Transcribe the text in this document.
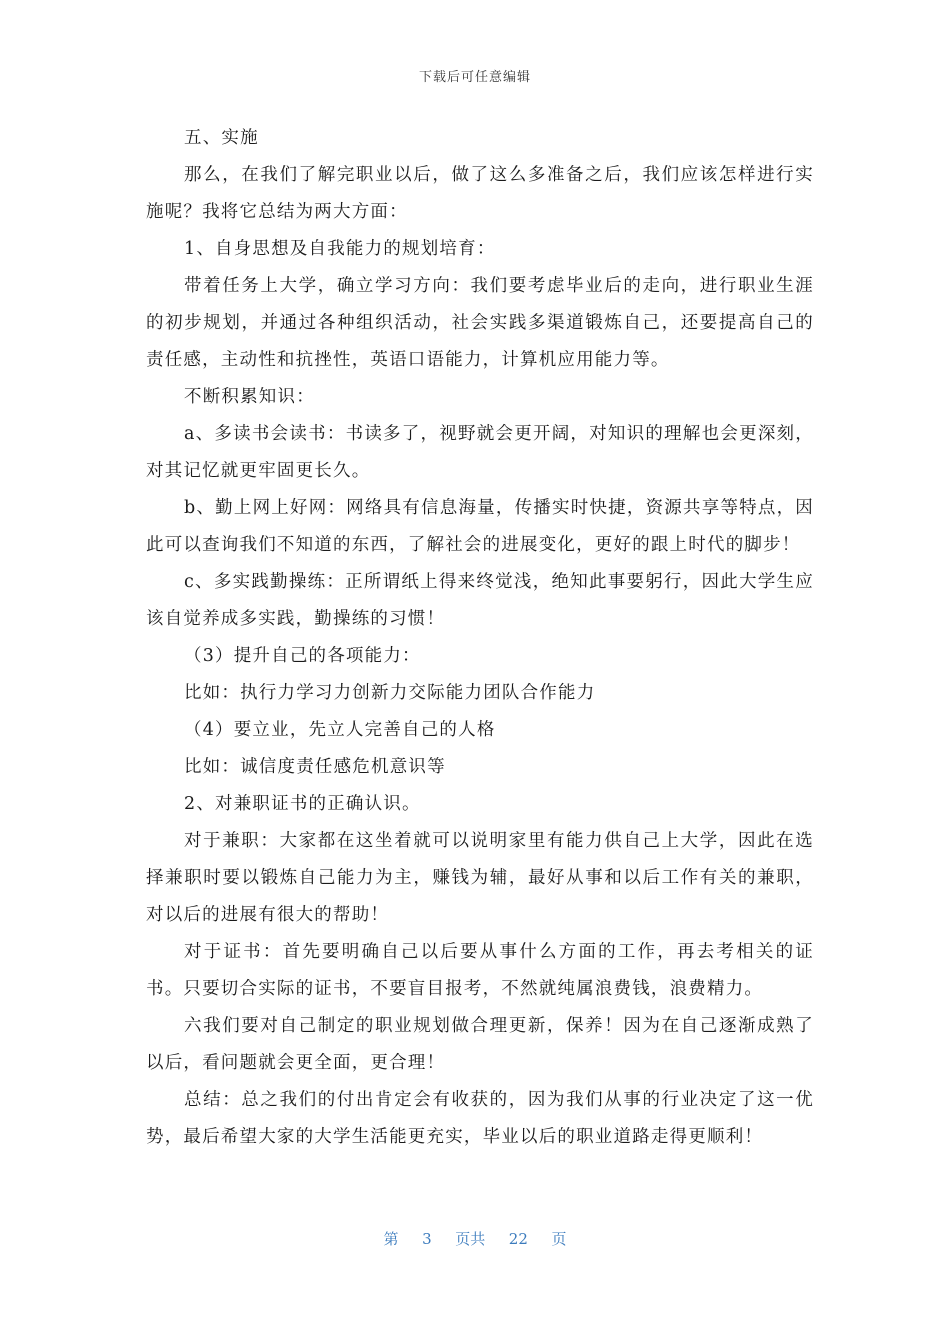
下载后可任意编辑

五、实施

那么，在我们了解完职业以后，做了这么多准备之后，我们应该怎样进行实施呢？我将它总结为两大方面：

1、自身思想及自我能力的规划培育：

带着任务上大学，确立学习方向：我们要考虑毕业后的走向，进行职业生涯的初步规划，并通过各种组织活动，社会实践多渠道锻炼自己，还要提高自己的责任感，主动性和抗挫性，英语口语能力，计算机应用能力等。

不断积累知识：

a、多读书会读书：书读多了，视野就会更开阔，对知识的理解也会更深刻，对其记忆就更牢固更长久。

b、勤上网上好网：网络具有信息海量，传播实时快捷，资源共享等特点，因此可以查询我们不知道的东西，了解社会的进展变化，更好的跟上时代的脚步！

c、多实践勤操练：正所谓纸上得来终觉浅，绝知此事要躬行，因此大学生应该自觉养成多实践，勤操练的习惯！

（3）提升自己的各项能力：

比如：执行力学习力创新力交际能力团队合作能力

（4）要立业，先立人完善自己的人格

比如：诚信度责任感危机意识等

2、对兼职证书的正确认识。

对于兼职：大家都在这坐着就可以说明家里有能力供自己上大学，因此在选择兼职时要以锻炼自己能力为主，赚钱为辅，最好从事和以后工作有关的兼职，对以后的进展有很大的帮助！

对于证书：首先要明确自己以后要从事什么方面的工作，再去考相关的证书。只要切合实际的证书，不要盲目报考，不然就纯属浪费钱，浪费精力。

六我们要对自己制定的职业规划做合理更新，保养！因为在自己逐渐成熟了以后，看问题就会更全面，更合理！

总结：总之我们的付出肯定会有收获的，因为我们从事的行业决定了这一优势，最后希望大家的大学生活能更充实，毕业以后的职业道路走得更顺利！

第 3 页共 22 页
